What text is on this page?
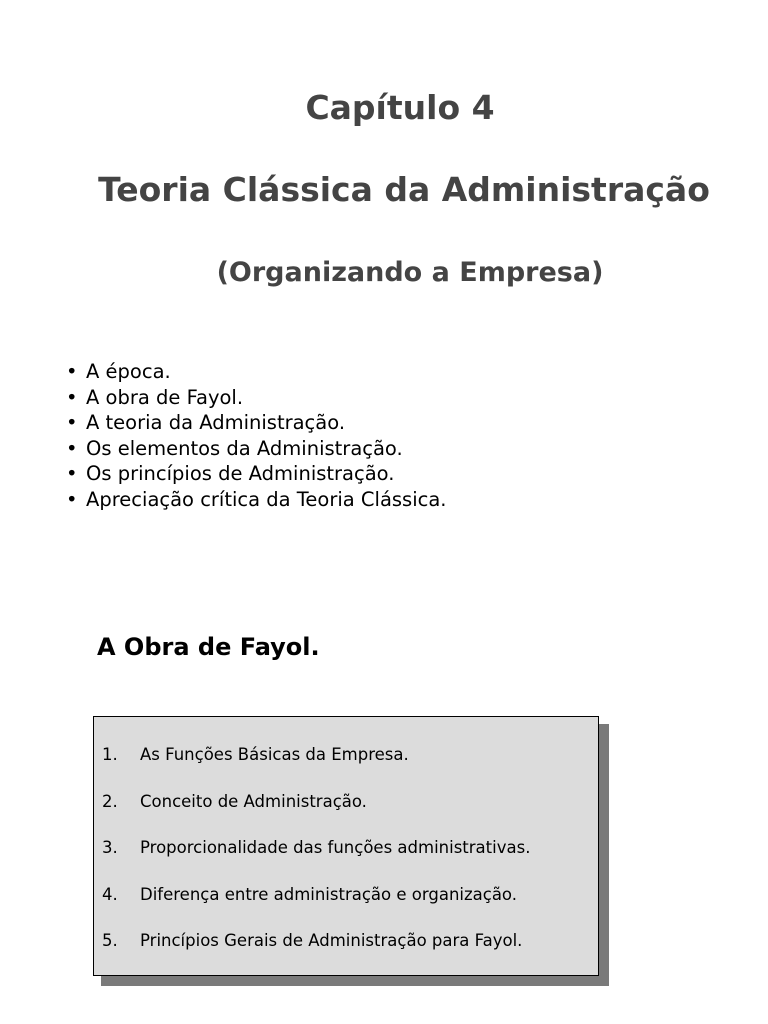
Capítulo 4
Teoria Clássica da Administração
(Organizando a Empresa)
• A época.
• A obra de Fayol.
• A teoria da Administração.
• Os elementos da Administração.
• Os princípios de Administração.
• Apreciação crítica da Teoria Clássica.
A Obra de Fayol.
1.	As Funções Básicas da Empresa.
2.	Conceito de Administração.
3.	Proporcionalidade das funções administrativas.
4.	Diferença entre administração e organização.
5.	Princípios Gerais de Administração para Fayol.
